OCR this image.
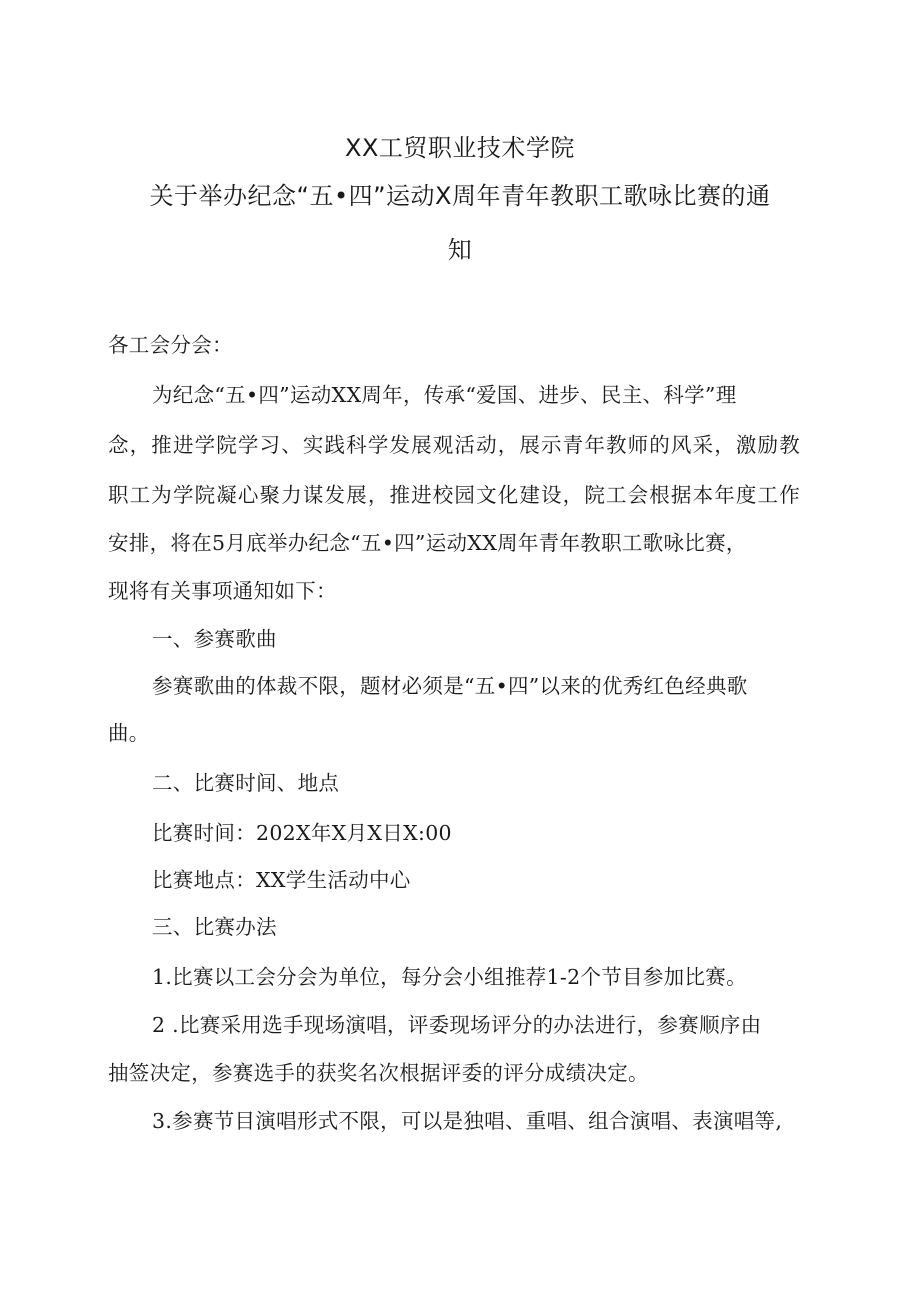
XX工贸职业技术学院
关于举办纪念“五•四”运动X周年青年教职工歌咏比赛的通
知
各工会分会：
为纪念“五•四”运动XX周年，传承“爱国、进步、民主、科学”理
念，推进学院学习、实践科学发展观活动，展示青年教师的风采，激励教
职工为学院凝心聚力谋发展，推进校园文化建设，院工会根据本年度工作
安排，将在5月底举办纪念“五•四”运动XX周年青年教职工歌咏比赛，
现将有关事项通知如下：
一、参赛歌曲
参赛歌曲的体裁不限，题材必须是“五•四”以来的优秀红色经典歌
曲。
二、比赛时间、地点
比赛时间：202X年X月X日X:00
比赛地点：XX学生活动中心
三、比赛办法
1.比赛以工会分会为单位，每分会小组推荐1-2个节目参加比赛。
2 .比赛采用选手现场演唱，评委现场评分的办法进行，参赛顺序由
抽签决定，参赛选手的获奖名次根据评委的评分成绩决定。
3.参赛节目演唱形式不限，可以是独唱、重唱、组合演唱、表演唱等,
